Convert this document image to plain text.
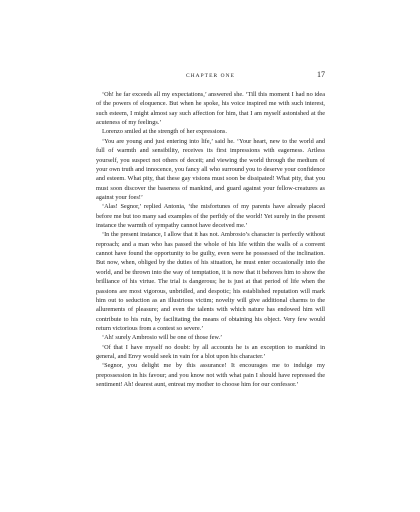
CHAPTER ONE	17

‘Oh! he far exceeds all my expectations,’ answered she. ‘Till this moment I had no idea of the powers of eloquence. But when he spoke, his voice inspired me with such interest, such esteem, I might almost say such affection for him, that I am myself astonished at the acuteness of my feelings.’

Lorenzo smiled at the strength of her expressions.

‘You are young and just entering into life,’ said he. ‘Your heart, new to the world and full of warmth and sensibility, receives its first impressions with eagerness. Artless yourself, you suspect not others of deceit; and viewing the world through the medium of your own truth and innocence, you fancy all who surround you to deserve your confidence and esteem. What pity, that these gay visions must soon be dissipated! What pity, that you must soon discover the baseness of mankind, and guard against your fellow-creatures as against your foes!’

‘Alas! Segnor,’ replied Antonia, ‘the misfortunes of my parents have already placed before me but too many sad examples of the perfidy of the world! Yet surely in the present instance the warmth of sympathy cannot have deceived me.’

‘In the present instance, I allow that it has not. Ambrosio’s character is perfectly without reproach; and a man who has passed the whole of his life within the walls of a convent cannot have found the opportunity to be guilty, even were he possessed of the inclination. But now, when, obliged by the duties of his situation, he must enter occasionally into the world, and be thrown into the way of temptation, it is now that it behoves him to show the brilliance of his virtue. The trial is dangerous; he is just at that period of life when the passions are most vigorous, unbridled, and despotic; his established reputation will mark him out to seduction as an illustrious victim; novelty will give additional charms to the allurements of pleasure; and even the talents with which nature has endowed him will contribute to his ruin, by facilitating the means of obtaining his object. Very few would return victorious from a contest so severe.’

‘Ah! surely Ambrosio will be one of those few.’

‘Of that I have myself no doubt: by all accounts he is an exception to mankind in general, and Envy would seek in vain for a blot upon his character.’

‘Segnor, you delight me by this assurance! It encourages me to indulge my prepossession in his favour; and you know not with what pain I should have repressed the sentiment! Ah! dearest aunt, entreat my mother to choose him for our confessor.’
